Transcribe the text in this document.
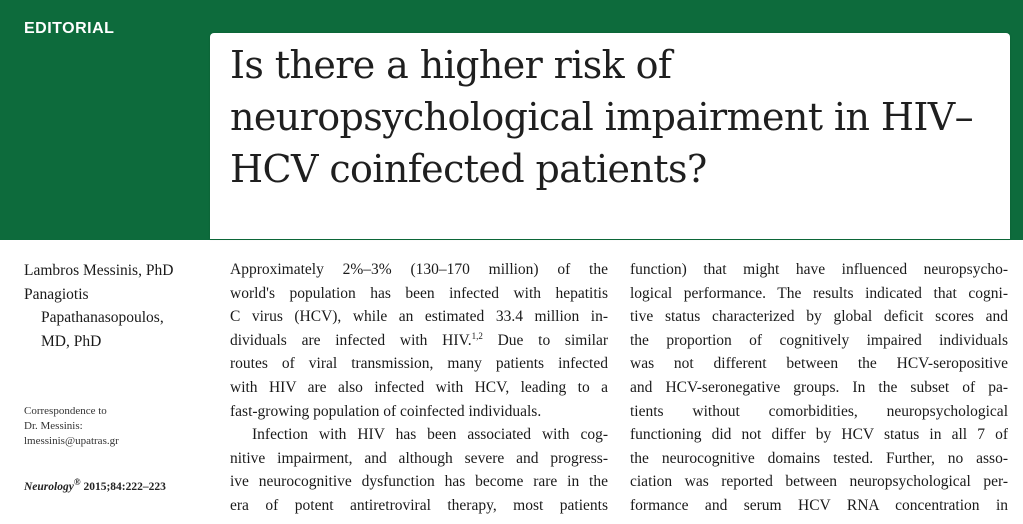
EDITORIAL
Is there a higher risk of neuropsychological impairment in HIV–HCV coinfected patients?
Lambros Messinis, PhD
Panagiotis
Papathanasopoulos,
MD, PhD
Correspondence to
Dr. Messinis:
lmessinis@upatras.gr
Neurology® 2015;84:222–223
Approximately 2%–3% (130–170 million) of the
world's population has been infected with hepatitis
C virus (HCV), while an estimated 33.4 million in-
dividuals are infected with HIV.$^{1,2}$ Due to similar
routes of viral transmission, many patients infected
with HIV are also infected with HCV, leading to a
fast-growing population of coinfected individuals.
Infection with HIV has been associated with cog-
nitive impairment, and although severe and progress-
ive neurocognitive dysfunction has become rare in the
era of potent antiretroviral therapy, most patients
function) that might have influenced neuropsycho-
logical performance. The results indicated that cogni-
tive status characterized by global deficit scores and
the proportion of cognitively impaired individuals
was not different between the HCV-seropositive
and HCV-seronegative groups. In the subset of pa-
tients without comorbidities, neuropsychological
functioning did not differ by HCV status in all 7 of
the neurocognitive domains tested. Further, no asso-
ciation was reported between neuropsychological per-
formance and serum HCV RNA concentration in
